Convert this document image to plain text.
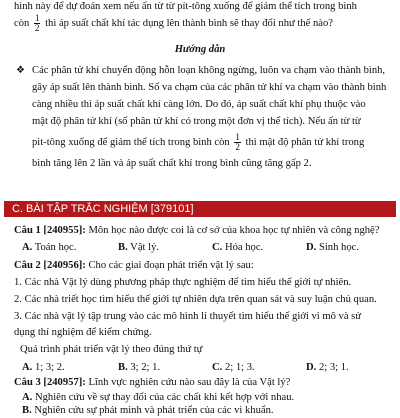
hình này để dự đoán xem nếu ấn từ từ pít-tông xuống để giảm thể tích trong bình
còn $\frac{1}{2}$ thì áp suất chất khí tác dụng lên thành bình sẽ thay đổi như thế nào?
Hướng dẫn
❖ Các phân tử khí chuyển động hỗn loạn không ngừng, luôn va chạm vào thành bình,
gây áp suất lên thành bình. Số va chạm của các phân tử khí va chạm vào thành bình
càng nhiều thì áp suất chất khí càng lớn. Do đó, áp suất chất khí phụ thuộc vào
mật độ phân tử khí (số phân tử khí có trong một đơn vị thể tích). Nếu ấn từ từ
pit-tông xuống để giảm thể tích trong bình còn $\frac{1}{2}$ thì mật độ phân tử khí trong
bình tăng lên 2 lần và áp suất chất khí trong bình cũng tăng gấp 2.
C. BÀI TẬP TRẮC NGHIỆM [379101]
Câu 1 [240955]: Môn học nào được coi là cơ sở của khoa học tự nhiên và công nghệ?
A. Toán học.	B. Vật lý.	C. Hóa học.	D. Sinh học.
Câu 2 [240956]: Cho các giai đoạn phát triển vật lý sau:
1. Các nhà Vật lý dùng phương pháp thực nghiệm để tìm hiểu thế giới tự nhiên.
2. Các nhà triết học tìm hiểu thế giới tự nhiên dựa trên quan sát và suy luận chủ quan.
3. Các nhà vật lý tập trung vào các mô hình lí thuyết tìm hiểu thế giới vi mô và sử
dụng thí nghiệm để kiểm chứng.
Quá trình phát triển vật lý theo đúng thứ tự
A. 1; 3; 2.	B. 3; 2; 1.	C. 2; 1; 3.	D. 2; 3; 1.
Câu 3 [240957]: Lĩnh vực nghiên cứu nào sau đây là của Vật lý?
A. Nghiên cứu về sự thay đổi của các chất khi kết hợp với nhau.
B. Nghiên cứu sự phát minh và phát triển của các vi khuẩn.
